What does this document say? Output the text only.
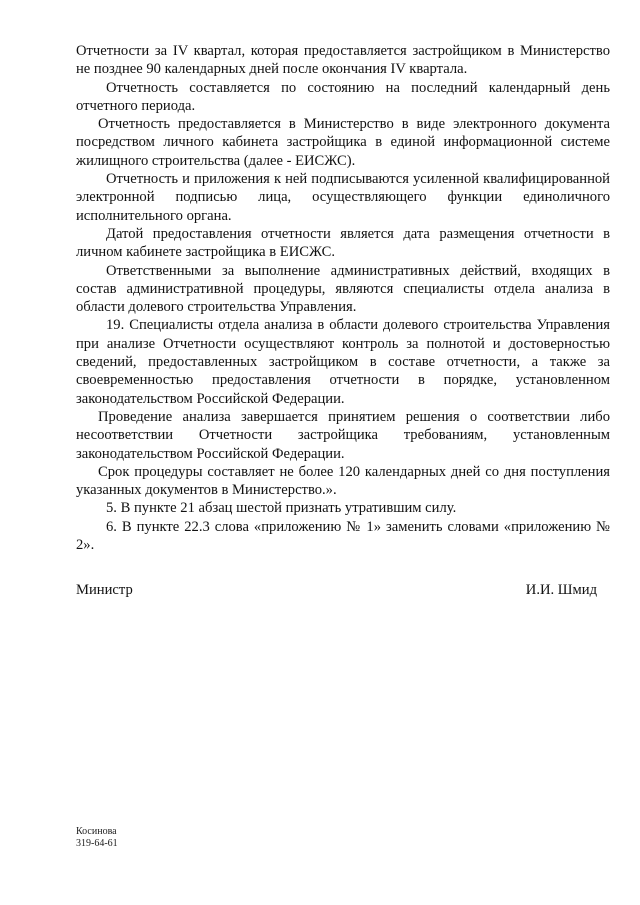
Отчетности за IV квартал, которая предоставляется застройщиком в Министерство не позднее 90 календарных дней после окончания IV квартала.

Отчетность составляется по состоянию на последний календарный день отчетного периода.

Отчетность предоставляется в Министерство в виде электронного документа посредством личного кабинета застройщика в единой информационной системе жилищного строительства (далее - ЕИСЖС).

Отчетность и приложения к ней подписываются усиленной квалифицированной электронной подписью лица, осуществляющего функции единоличного исполнительного органа.

Датой предоставления отчетности является дата размещения отчетности в личном кабинете застройщика в ЕИСЖС.

Ответственными за выполнение административных действий, входящих в состав административной процедуры, являются специалисты отдела анализа в области долевого строительства Управления.

19. Специалисты отдела анализа в области долевого строительства Управления при анализе Отчетности осуществляют контроль за полнотой и достоверностью сведений, предоставленных застройщиком в составе отчетности, а также за своевременностью предоставления отчетности в порядке, установленном законодательством Российской Федерации.

Проведение анализа завершается принятием решения о соответствии либо несоответствии Отчетности застройщика требованиям, установленным законодательством Российской Федерации.

Срок процедуры составляет не более 120 календарных дней со дня поступления указанных документов в Министерство.».

5. В пункте 21 абзац шестой признать утратившим силу.

6. В пункте 22.3 слова «приложению № 1» заменить словами «приложению № 2».

Министр	И.И. Шмид
Косинова
319-64-61
